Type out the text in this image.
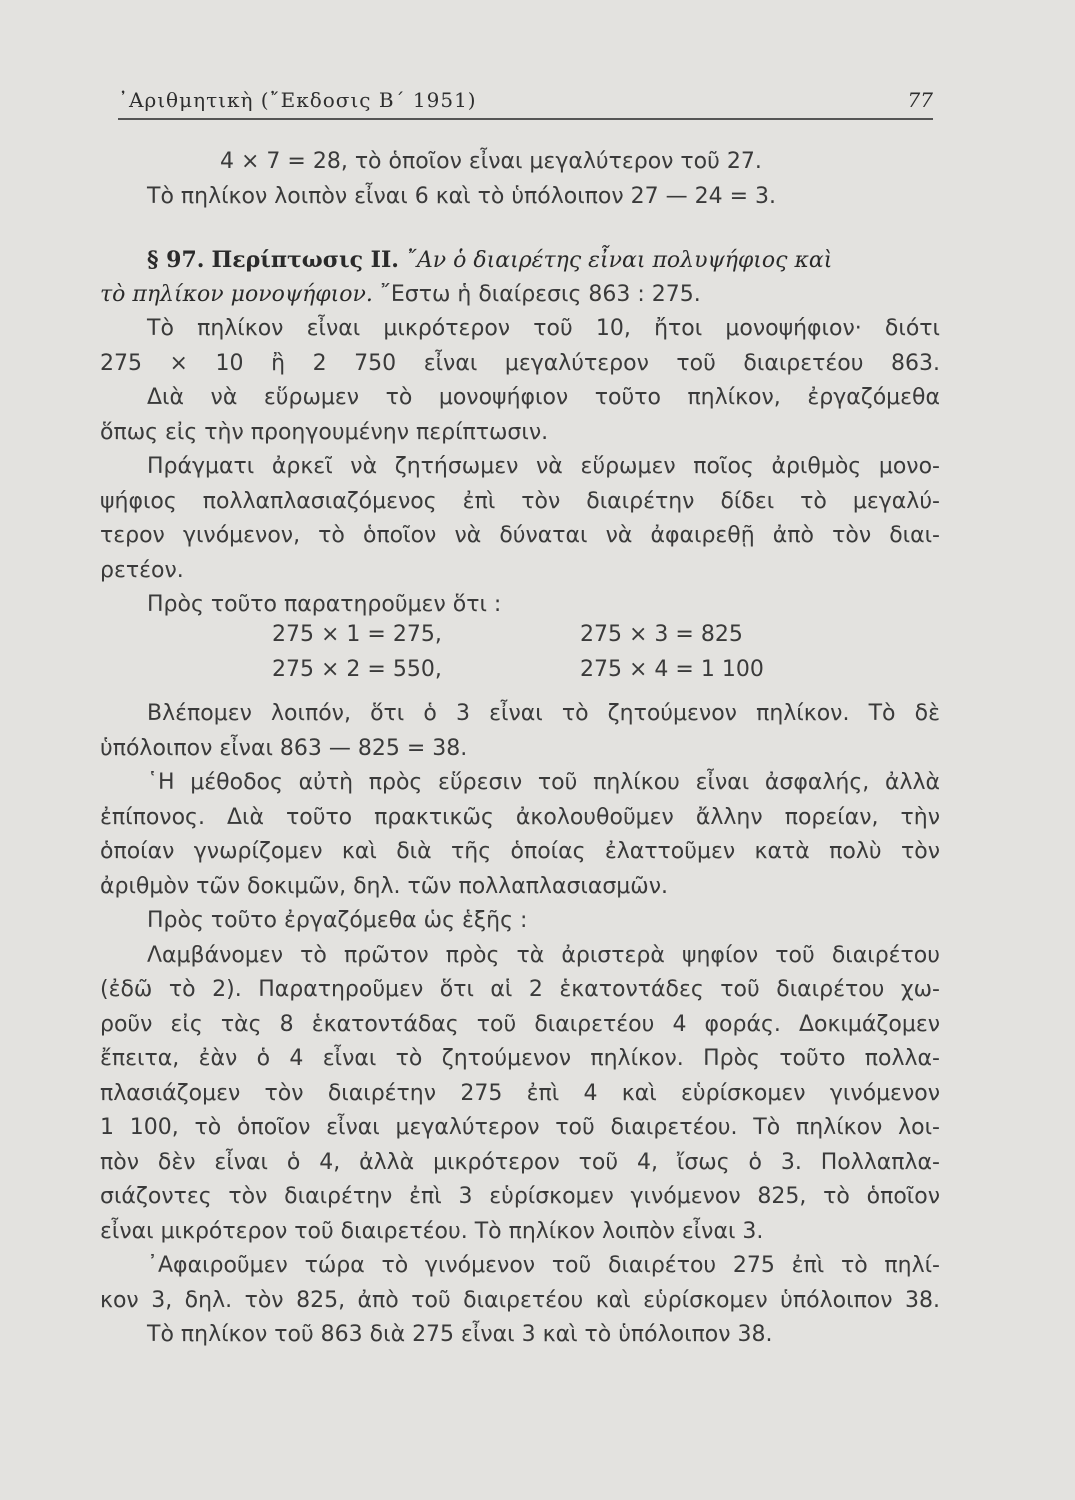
᾽Αριθμητικὴ (῎Εκδοσις Β΄ 1951)	77
4 × 7 = 28, τὸ ὁποῖον εἶναι μεγαλύτερον τοῦ 27.
Τὸ πηλίκον λοιπὸν εἶναι 6 καὶ τὸ ὑπόλοιπον 27 — 24 = 3.
§ 97. Περίπτωσις ΙΙ. ῎Αν ὁ διαιρέτης εἶναι πολυψήφιος καὶ
τὸ πηλίκον μονοψήφιον. ῎Εστω ἡ διαίρεσις 863 : 275.
Τὸ πηλίκον εἶναι μικρότερον τοῦ 10, ἤτοι μονοψήφιον· διότι
275 × 10 ἢ 2 750 εἶναι μεγαλύτερον τοῦ διαιρετέου 863.
Διὰ νὰ εὕρωμεν τὸ μονοψήφιον τοῦτο πηλίκον, ἐργαζόμεθα
ὅπως εἰς τὴν προηγουμένην περίπτωσιν.
Πράγματι ἀρκεῖ νὰ ζητήσωμεν νὰ εὕρωμεν ποῖος ἀριθμὸς μονο-
ψήφιος πολλαπλασιαζόμενος ἐπὶ τὸν διαιρέτην δίδει τὸ μεγαλύ-
τερον γινόμενον, τὸ ὁποῖον νὰ δύναται νὰ ἀφαιρεθῇ ἀπὸ τὸν διαι-
ρετέον.
Πρὸς τοῦτο παρατηροῦμεν ὅτι :
275 × 1 = 275,	275 × 3 = 825
275 × 2 = 550,	275 × 4 = 1 100
Βλέπομεν λοιπόν, ὅτι ὁ 3 εἶναι τὸ ζητούμενον πηλίκον. Τὸ δὲ
ὑπόλοιπον εἶναι 863 — 825 = 38.
῾Η μέθοδος αὐτὴ πρὸς εὕρεσιν τοῦ πηλίκου εἶναι ἀσφαλής, ἀλλὰ
ἐπίπονος. Διὰ τοῦτο πρακτικῶς ἀκολουθοῦμεν ἄλλην πορείαν, τὴν
ὁποίαν γνωρίζομεν καὶ διὰ τῆς ὁποίας ἐλαττοῦμεν κατὰ πολὺ τὸν
ἀριθμὸν τῶν δοκιμῶν, δηλ. τῶν πολλαπλασιασμῶν.
Πρὸς τοῦτο ἐργαζόμεθα ὡς ἑξῆς :
Λαμβάνομεν τὸ πρῶτον πρὸς τὰ ἀριστερὰ ψηφίον τοῦ διαιρέτου
(ἐδῶ τὸ 2). Παρατηροῦμεν ὅτι αἱ 2 ἑκατοντάδες τοῦ διαιρέτου χω-
ροῦν εἰς τὰς 8 ἑκατοντάδας τοῦ διαιρετέου 4 φοράς. Δοκιμάζομεν
ἔπειτα, ἐὰν ὁ 4 εἶναι τὸ ζητούμενον πηλίκον. Πρὸς τοῦτο πολλα-
πλασιάζομεν τὸν διαιρέτην 275 ἐπὶ 4 καὶ εὑρίσκομεν γινόμενον
1 100, τὸ ὁποῖον εἶναι μεγαλύτερον τοῦ διαιρετέου. Τὸ πηλίκον λοι-
πὸν δὲν εἶναι ὁ 4, ἀλλὰ μικρότερον τοῦ 4, ἴσως ὁ 3. Πολλαπλα-
σιάζοντες τὸν διαιρέτην ἐπὶ 3 εὑρίσκομεν γινόμενον 825, τὸ ὁποῖον
εἶναι μικρότερον τοῦ διαιρετέου. Τὸ πηλίκον λοιπὸν εἶναι 3.
᾽Αφαιροῦμεν τώρα τὸ γινόμενον τοῦ διαιρέτου 275 ἐπὶ τὸ πηλί-
κον 3, δηλ. τὸν 825, ἀπὸ τοῦ διαιρετέου καὶ εὑρίσκομεν ὑπόλοιπον 38.
Τὸ πηλίκον τοῦ 863 διὰ 275 εἶναι 3 καὶ τὸ ὑπόλοιπον 38.
